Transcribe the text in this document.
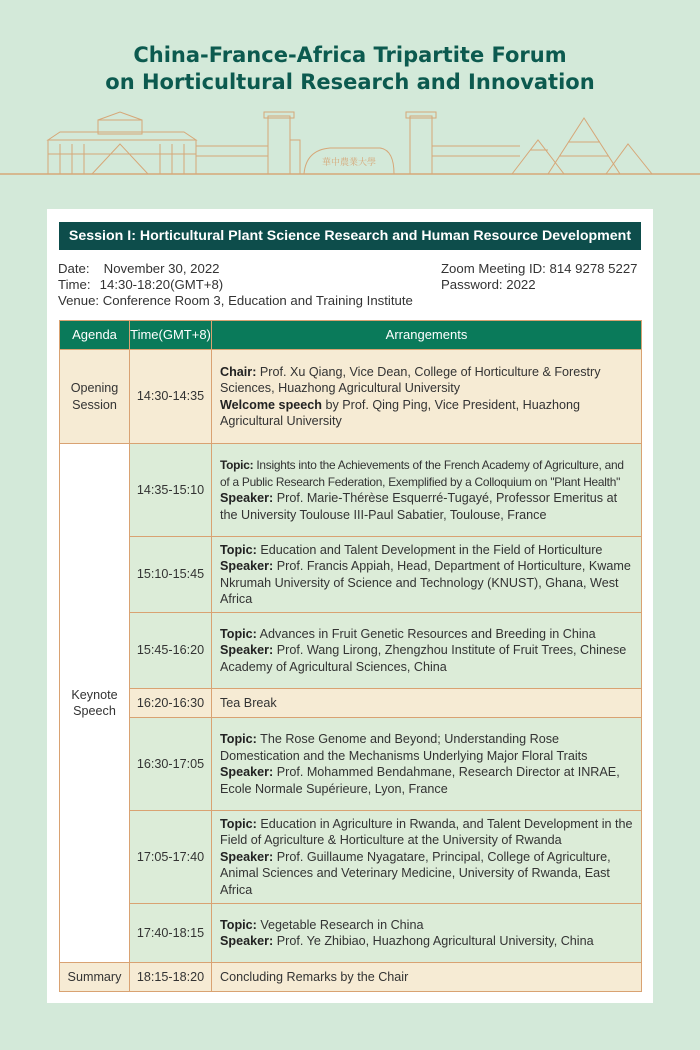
China-France-Africa Tripartite Forum
on Horticultural Research and Innovation
華中農業大學
Session I: Horticultural Plant Science Research and Human Resource Development
Date: November 30, 2022
Time: 14:30-18:20(GMT+8)
Venue: Conference Room 3, Education and Training Institute
Zoom Meeting ID: 814 9278 5227
Password: 2022
Agenda	Time(GMT+8)	Arrangements
Opening Session	14:30-14:35	Chair: Prof. Xu Qiang, Vice Dean, College of Horticulture & Forestry Sciences, Huazhong Agricultural University
Welcome speech by Prof. Qing Ping, Vice President, Huazhong Agricultural University

Keynote Speech	14:35-15:10	Topic: Insights into the Achievements of the French Academy of Agriculture, and of a Public Research Federation, Exemplified by a Colloquium on "Plant Health"
Speaker: Prof. Marie-Thérèse Esquerré-Tugayé, Professor Emeritus at the University Toulouse III-Paul Sabatier, Toulouse, France

	15:10-15:45	Topic: Education and Talent Development in the Field of Horticulture
Speaker: Prof. Francis Appiah, Head, Department of Horticulture, Kwame Nkrumah University of Science and Technology (KNUST), Ghana, West Africa

	15:45-16:20	Topic: Advances in Fruit Genetic Resources and Breeding in China
Speaker: Prof. Wang Lirong, Zhengzhou Institute of Fruit Trees, Chinese Academy of Agricultural Sciences, China

	16:20-16:30	Tea Break
	16:30-17:05	Topic: The Rose Genome and Beyond; Understanding Rose Domestication and the Mechanisms Underlying Major Floral Traits
Speaker: Prof. Mohammed Bendahmane, Research Director at INRAE, Ecole Normale Supérieure, Lyon, France

	17:05-17:40	Topic: Education in Agriculture in Rwanda, and Talent Development in the Field of Agriculture & Horticulture at the University of Rwanda
Speaker: Prof. Guillaume Nyagatare, Principal, College of Agriculture, Animal Sciences and Veterinary Medicine, University of Rwanda, East Africa

	17:40-18:15	Topic: Vegetable Research in China
Speaker: Prof. Ye Zhibiao, Huazhong Agricultural University, China

Summary	18:15-18:20	Concluding Remarks by the Chair
